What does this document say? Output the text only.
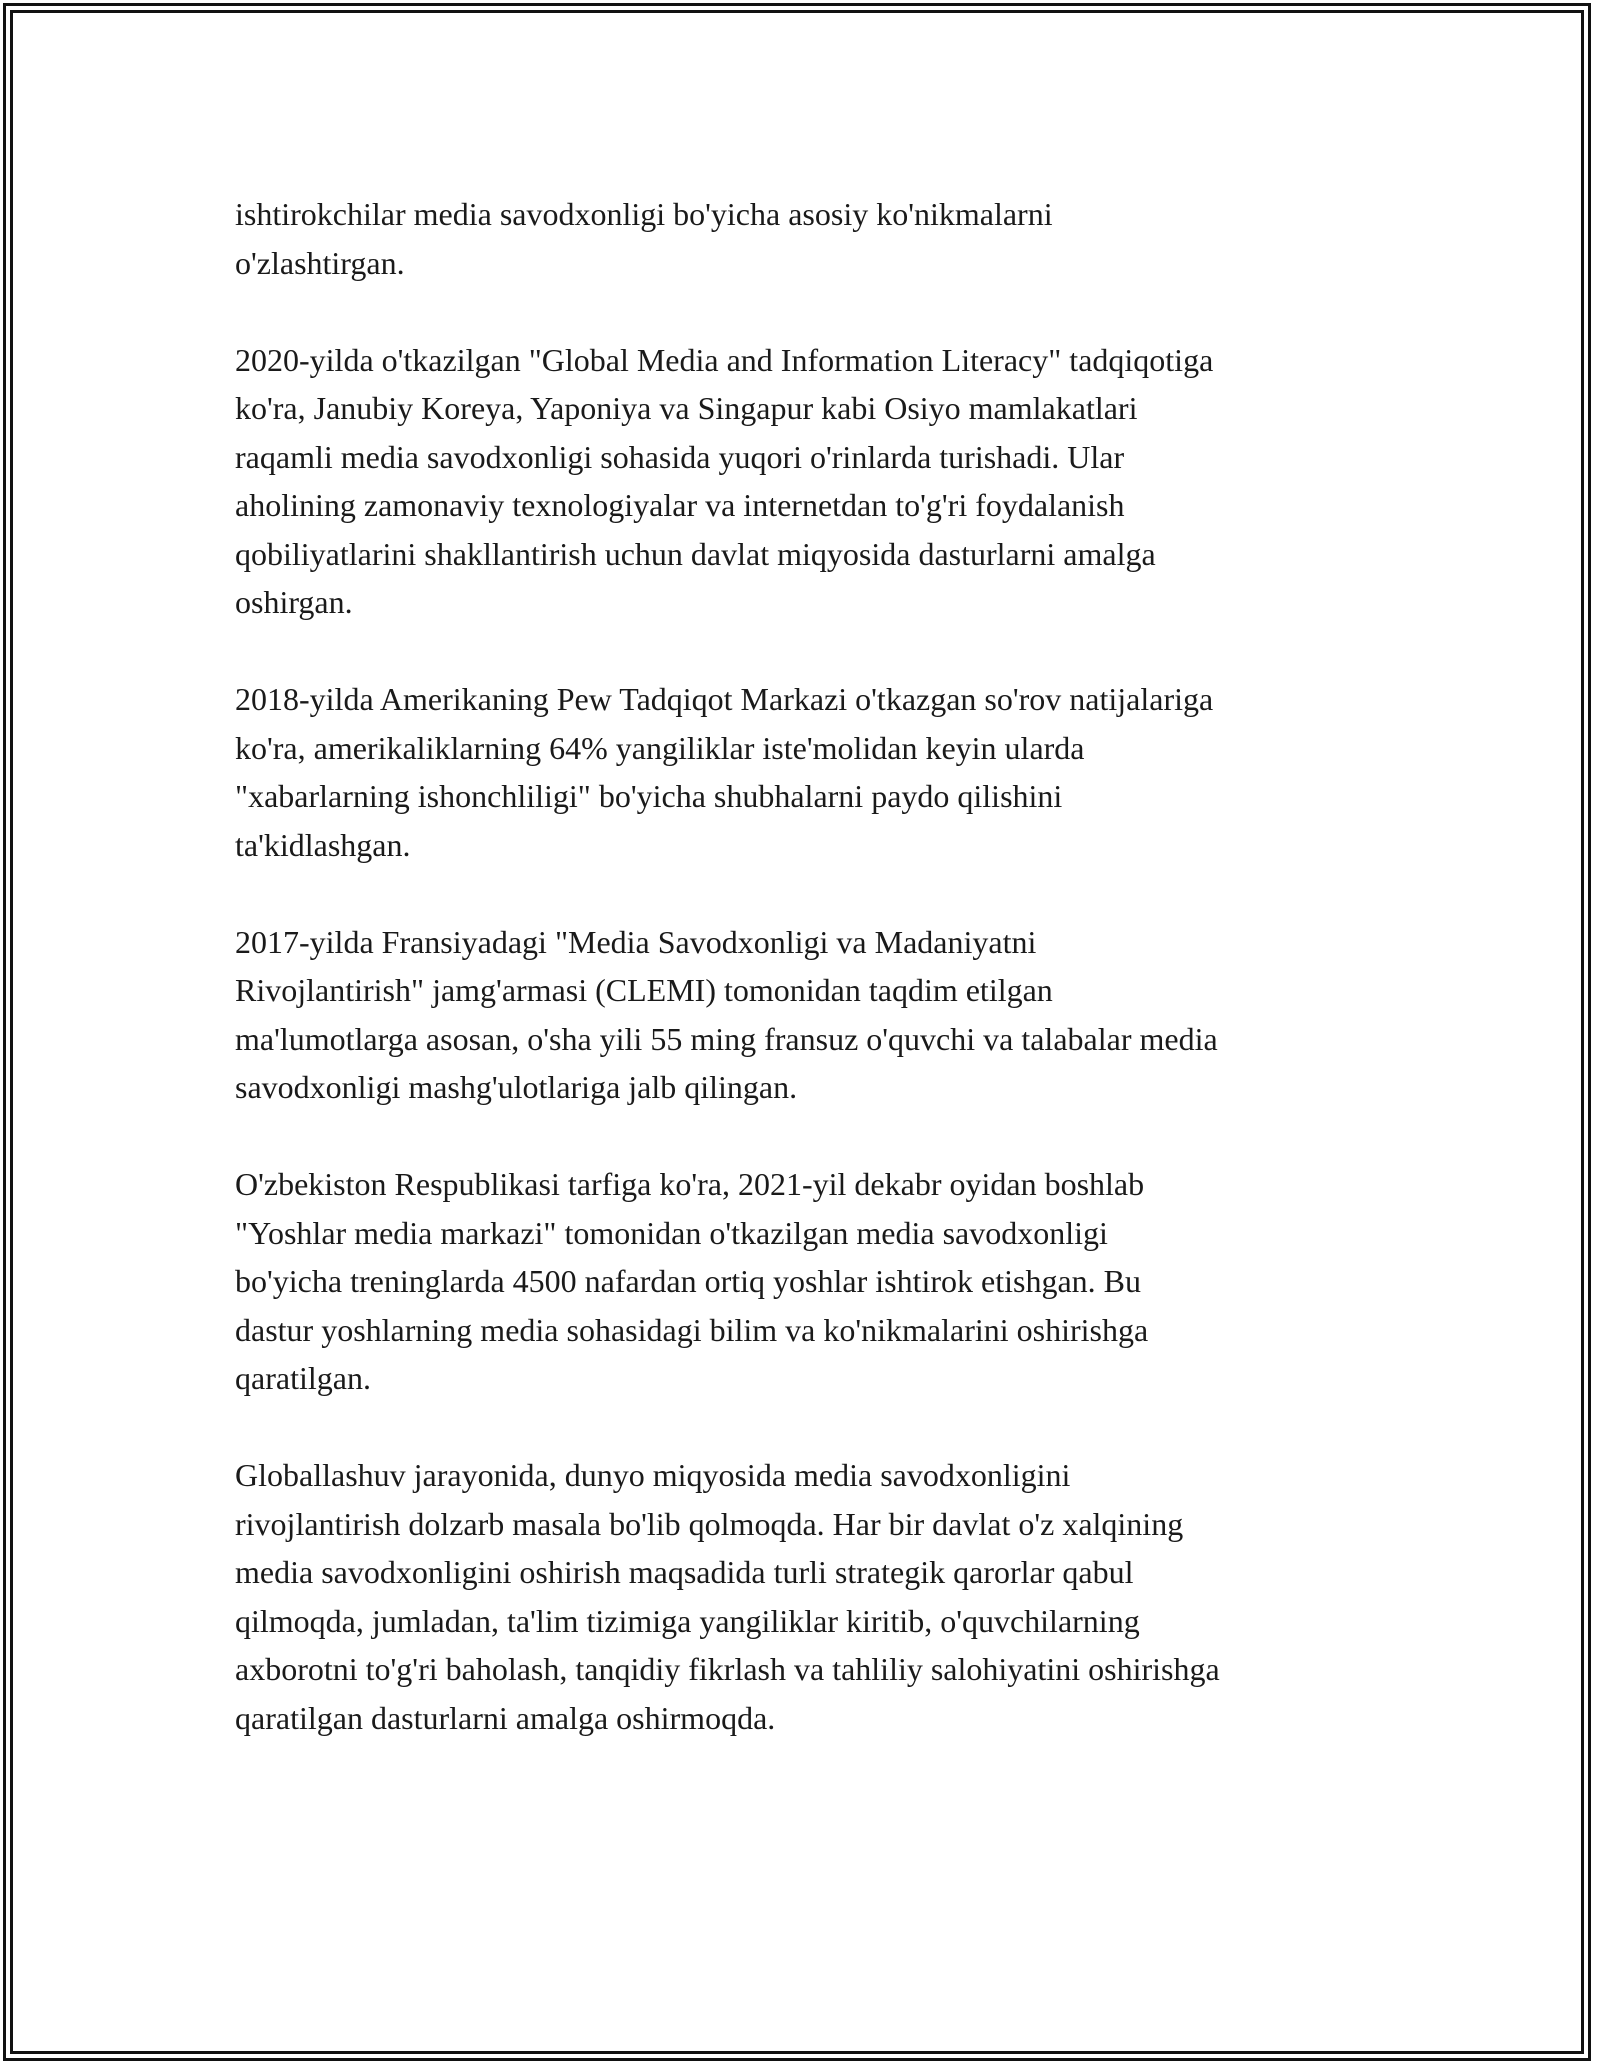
ishtirokchilar media savodxonligi bo'yicha asosiy ko'nikmalarni
o'zlashtirgan.

2020-yilda o'tkazilgan "Global Media and Information Literacy" tadqiqotiga
ko'ra, Janubiy Koreya, Yaponiya va Singapur kabi Osiyo mamlakatlari
raqamli media savodxonligi sohasida yuqori o'rinlarda turishadi. Ular
aholining zamonaviy texnologiyalar va internetdan to'g'ri foydalanish
qobiliyatlarini shakllantirish uchun davlat miqyosida dasturlarni amalga
oshirgan.

2018-yilda Amerikaning Pew Tadqiqot Markazi o'tkazgan so'rov natijalariga
ko'ra, amerikaliklarning 64% yangiliklar iste'molidan keyin ularda
"xabarlarning ishonchliligi" bo'yicha shubhalarni paydo qilishini
ta'kidlashgan.

2017-yilda Fransiyadagi "Media Savodxonligi va Madaniyatni
Rivojlantirish" jamg'armasi (CLEMI) tomonidan taqdim etilgan
ma'lumotlarga asosan, o'sha yili 55 ming fransuz o'quvchi va talabalar media
savodxonligi mashg'ulotlariga jalb qilingan.

O'zbekiston Respublikasi tarfiga ko'ra, 2021-yil dekabr oyidan boshlab
"Yoshlar media markazi" tomonidan o'tkazilgan media savodxonligi
bo'yicha treninglarda 4500 nafardan ortiq yoshlar ishtirok etishgan. Bu
dastur yoshlarning media sohasidagi bilim va ko'nikmalarini oshirishga
qaratilgan.

Globallashuv jarayonida, dunyo miqyosida media savodxonligini
rivojlantirish dolzarb masala bo'lib qolmoqda. Har bir davlat o'z xalqining
media savodxonligini oshirish maqsadida turli strategik qarorlar qabul
qilmoqda, jumladan, ta'lim tizimiga yangiliklar kiritib, o'quvchilarning
axborotni to'g'ri baholash, tanqidiy fikrlash va tahliliy salohiyatini oshirishga
qaratilgan dasturlarni amalga oshirmoqda.
